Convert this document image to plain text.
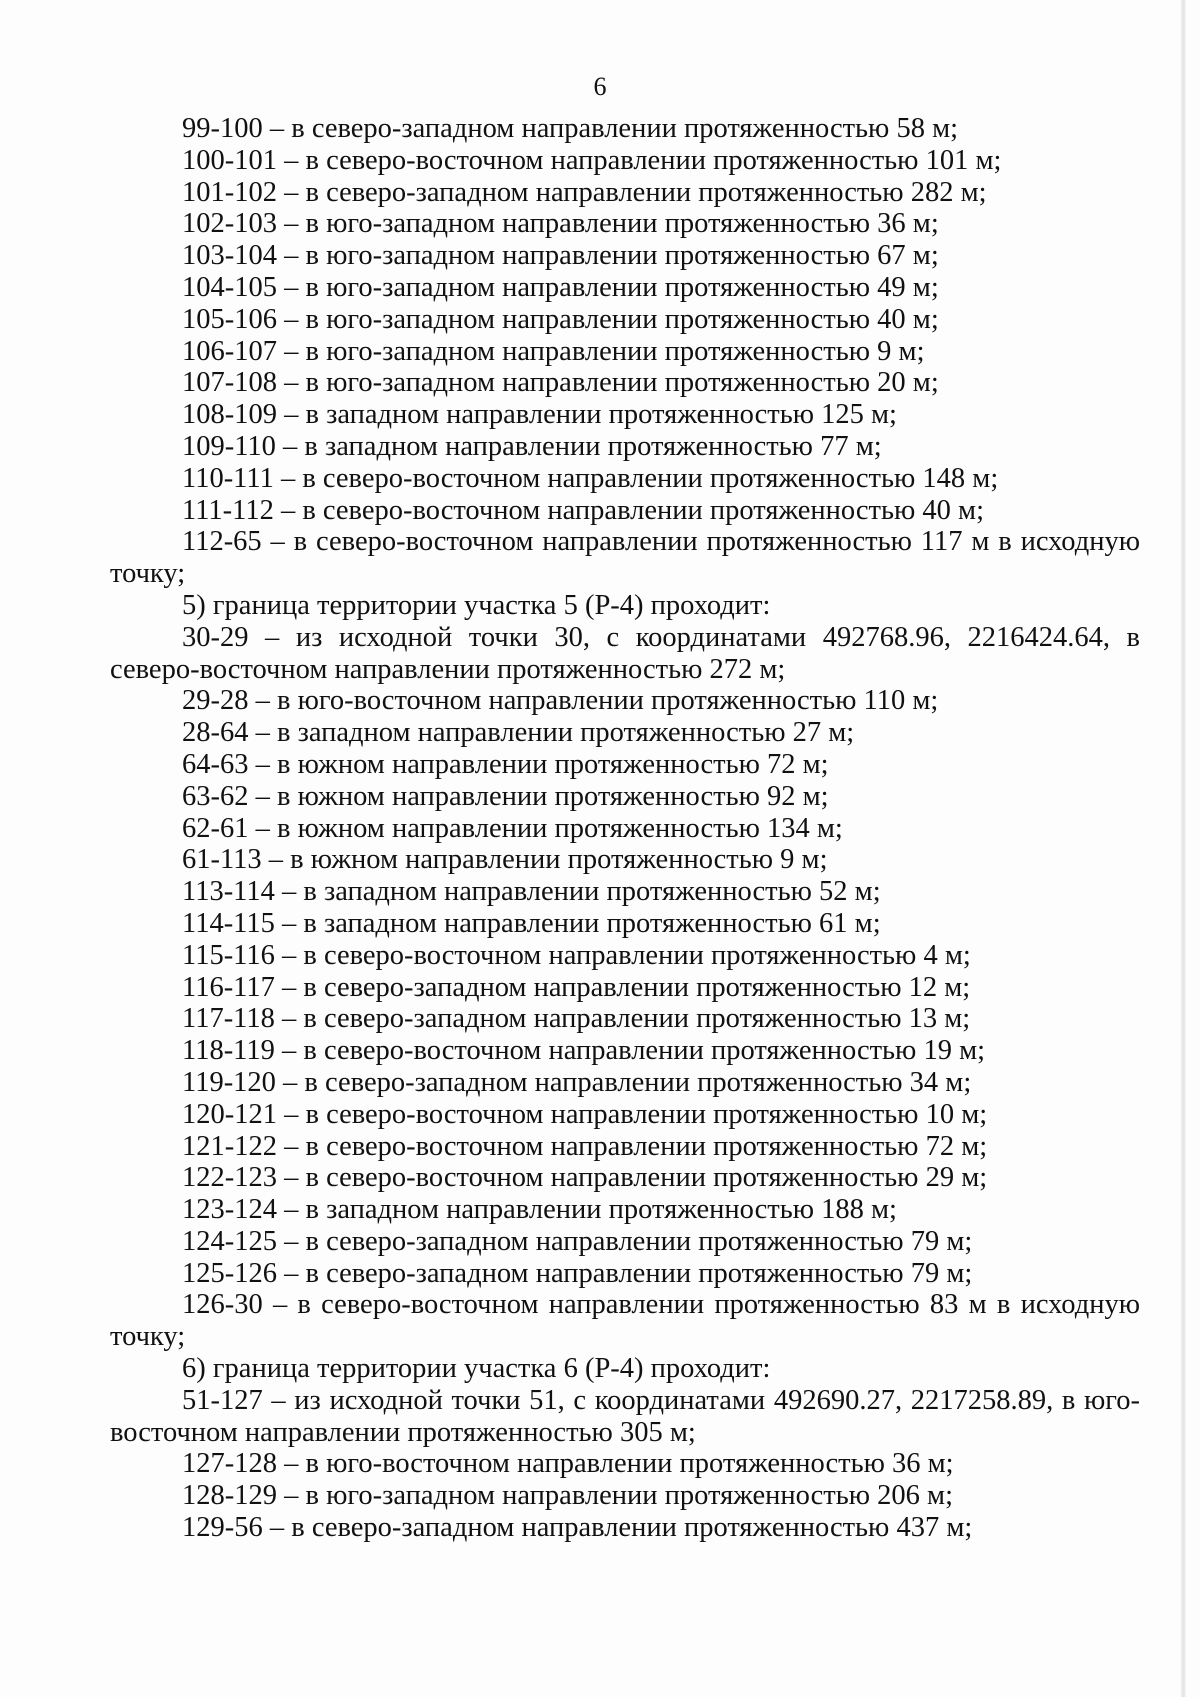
6
99-100 – в северо-западном направлении протяженностью 58 м;
100-101 – в северо-восточном направлении протяженностью 101 м;
101-102 – в северо-западном направлении протяженностью 282 м;
102-103 – в юго-западном направлении протяженностью 36 м;
103-104 – в юго-западном направлении протяженностью 67 м;
104-105 – в юго-западном направлении протяженностью 49 м;
105-106 – в юго-западном направлении протяженностью 40 м;
106-107 – в юго-западном направлении протяженностью 9 м;
107-108 – в юго-западном направлении протяженностью 20 м;
108-109 – в западном направлении протяженностью 125 м;
109-110 – в западном направлении протяженностью 77 м;
110-111 – в северо-восточном направлении протяженностью 148 м;
111-112 – в северо-восточном направлении протяженностью 40 м;
112-65 – в северо-восточном направлении протяженностью 117 м в исходную точку;
5) граница территории участка 5 (Р-4) проходит:
30-29 – из исходной точки 30, с координатами 492768.96, 2216424.64, в северо-восточном направлении протяженностью 272 м;
29-28 – в юго-восточном направлении протяженностью 110 м;
28-64 – в западном направлении протяженностью 27 м;
64-63 – в южном направлении протяженностью 72 м;
63-62 – в южном направлении протяженностью 92 м;
62-61 – в южном направлении протяженностью 134 м;
61-113 – в южном направлении протяженностью 9 м;
113-114 – в западном направлении протяженностью 52 м;
114-115 – в западном направлении протяженностью 61 м;
115-116 – в северо-восточном направлении протяженностью 4 м;
116-117 – в северо-западном направлении протяженностью 12 м;
117-118 – в северо-западном направлении протяженностью 13 м;
118-119 – в северо-восточном направлении протяженностью 19 м;
119-120 – в северо-западном направлении протяженностью 34 м;
120-121 – в северо-восточном направлении протяженностью 10 м;
121-122 – в северо-восточном направлении протяженностью 72 м;
122-123 – в северо-восточном направлении протяженностью 29 м;
123-124 – в западном направлении протяженностью 188 м;
124-125 – в северо-западном направлении протяженностью 79 м;
125-126 – в северо-западном направлении протяженностью 79 м;
126-30 – в северо-восточном направлении протяженностью 83 м в исходную точку;
6) граница территории участка 6 (Р-4) проходит:
51-127 – из исходной точки 51, с координатами 492690.27, 2217258.89, в юго-восточном направлении протяженностью 305 м;
127-128 – в юго-восточном направлении протяженностью 36 м;
128-129 – в юго-западном направлении протяженностью 206 м;
129-56 – в северо-западном направлении протяженностью 437 м;
